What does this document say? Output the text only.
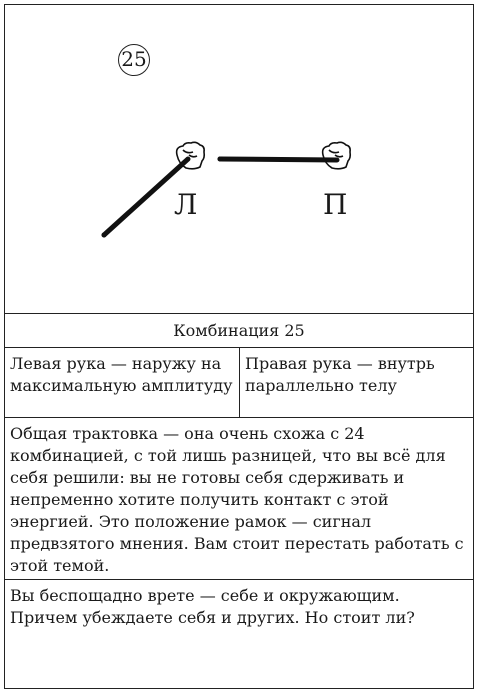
25
Л	П
Комбинация 25
Левая рука — наружу на максимальную амплитуду
Правая рука — внутрь параллельно телу
Общая трактовка — она очень схожа с 24 комбинацией, с той лишь разницей, что вы всё для себя решили: вы не готовы себя сдерживать и непременно хотите получить контакт с этой энергией. Это положение рамок — сигнал предвзятого мнения. Вам стоит перестать работать с этой темой.
Вы беспощадно врете — себе и окружающим. Причем убеждаете себя и других. Но стоит ли?
